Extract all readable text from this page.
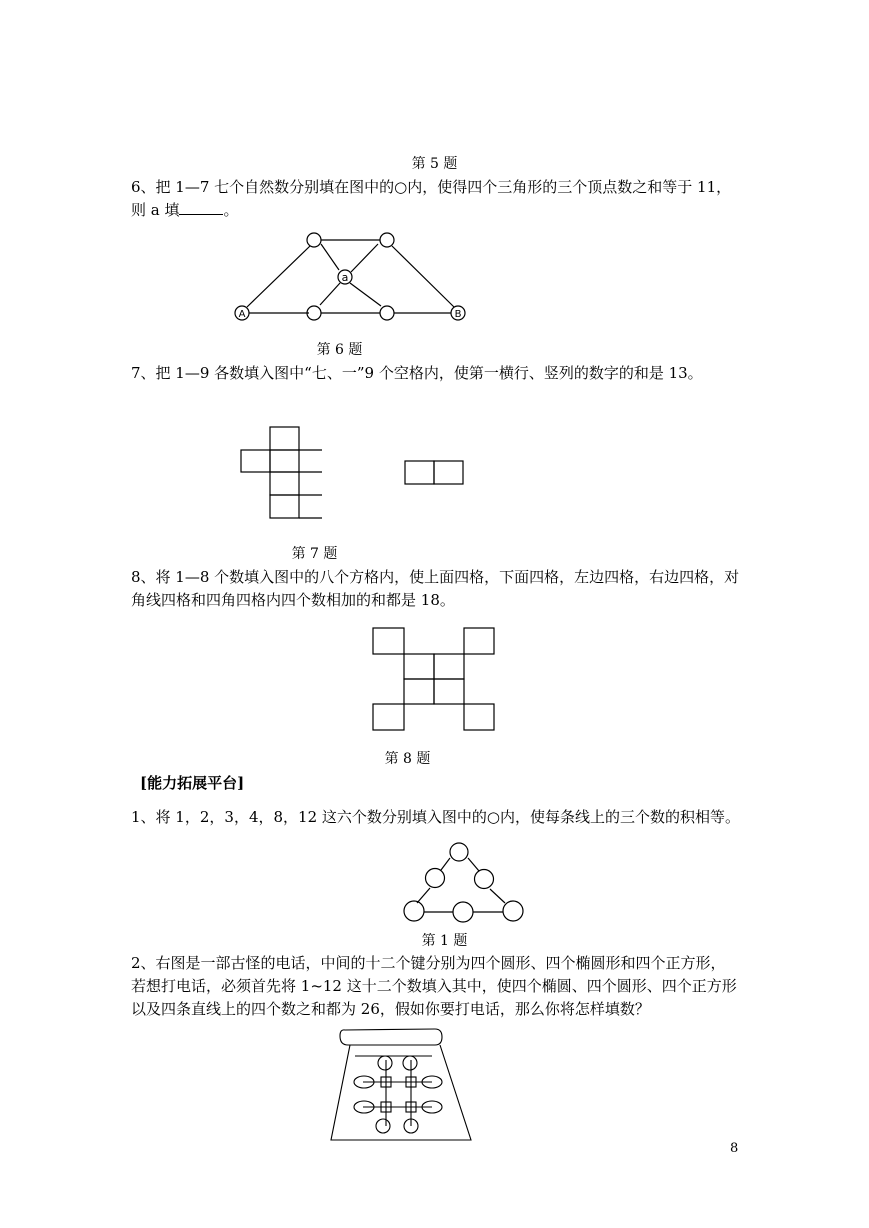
第 5 题
6、把 1—7 七个自然数分别填在图中的○内，使得四个三角形的三个顶点数之和等于 11，
则 a 填	。
a
A	B
第 6 题
7、把 1—9 各数填入图中“七、一”9 个空格内，使第一横行、竖列的数字的和是 13。
第 7 题
8、将 1—8 个数填入图中的八个方格内，使上面四格，下面四格，左边四格，右边四格，对
角线四格和四角四格内四个数相加的和都是 18。
第 8 题
[能力拓展平台]
1、将 1，2，3，4，8，12 这六个数分别填入图中的○内，使每条线上的三个数的积相等。
第 1 题
2、右图是一部古怪的电话，中间的十二个键分别为四个圆形、四个椭圆形和四个正方形，
若想打电话，必须首先将 1~12 这十二个数填入其中，使四个椭圆、四个圆形、四个正方形
以及四条直线上的四个数之和都为 26，假如你要打电话，那么你将怎样填数？
8
